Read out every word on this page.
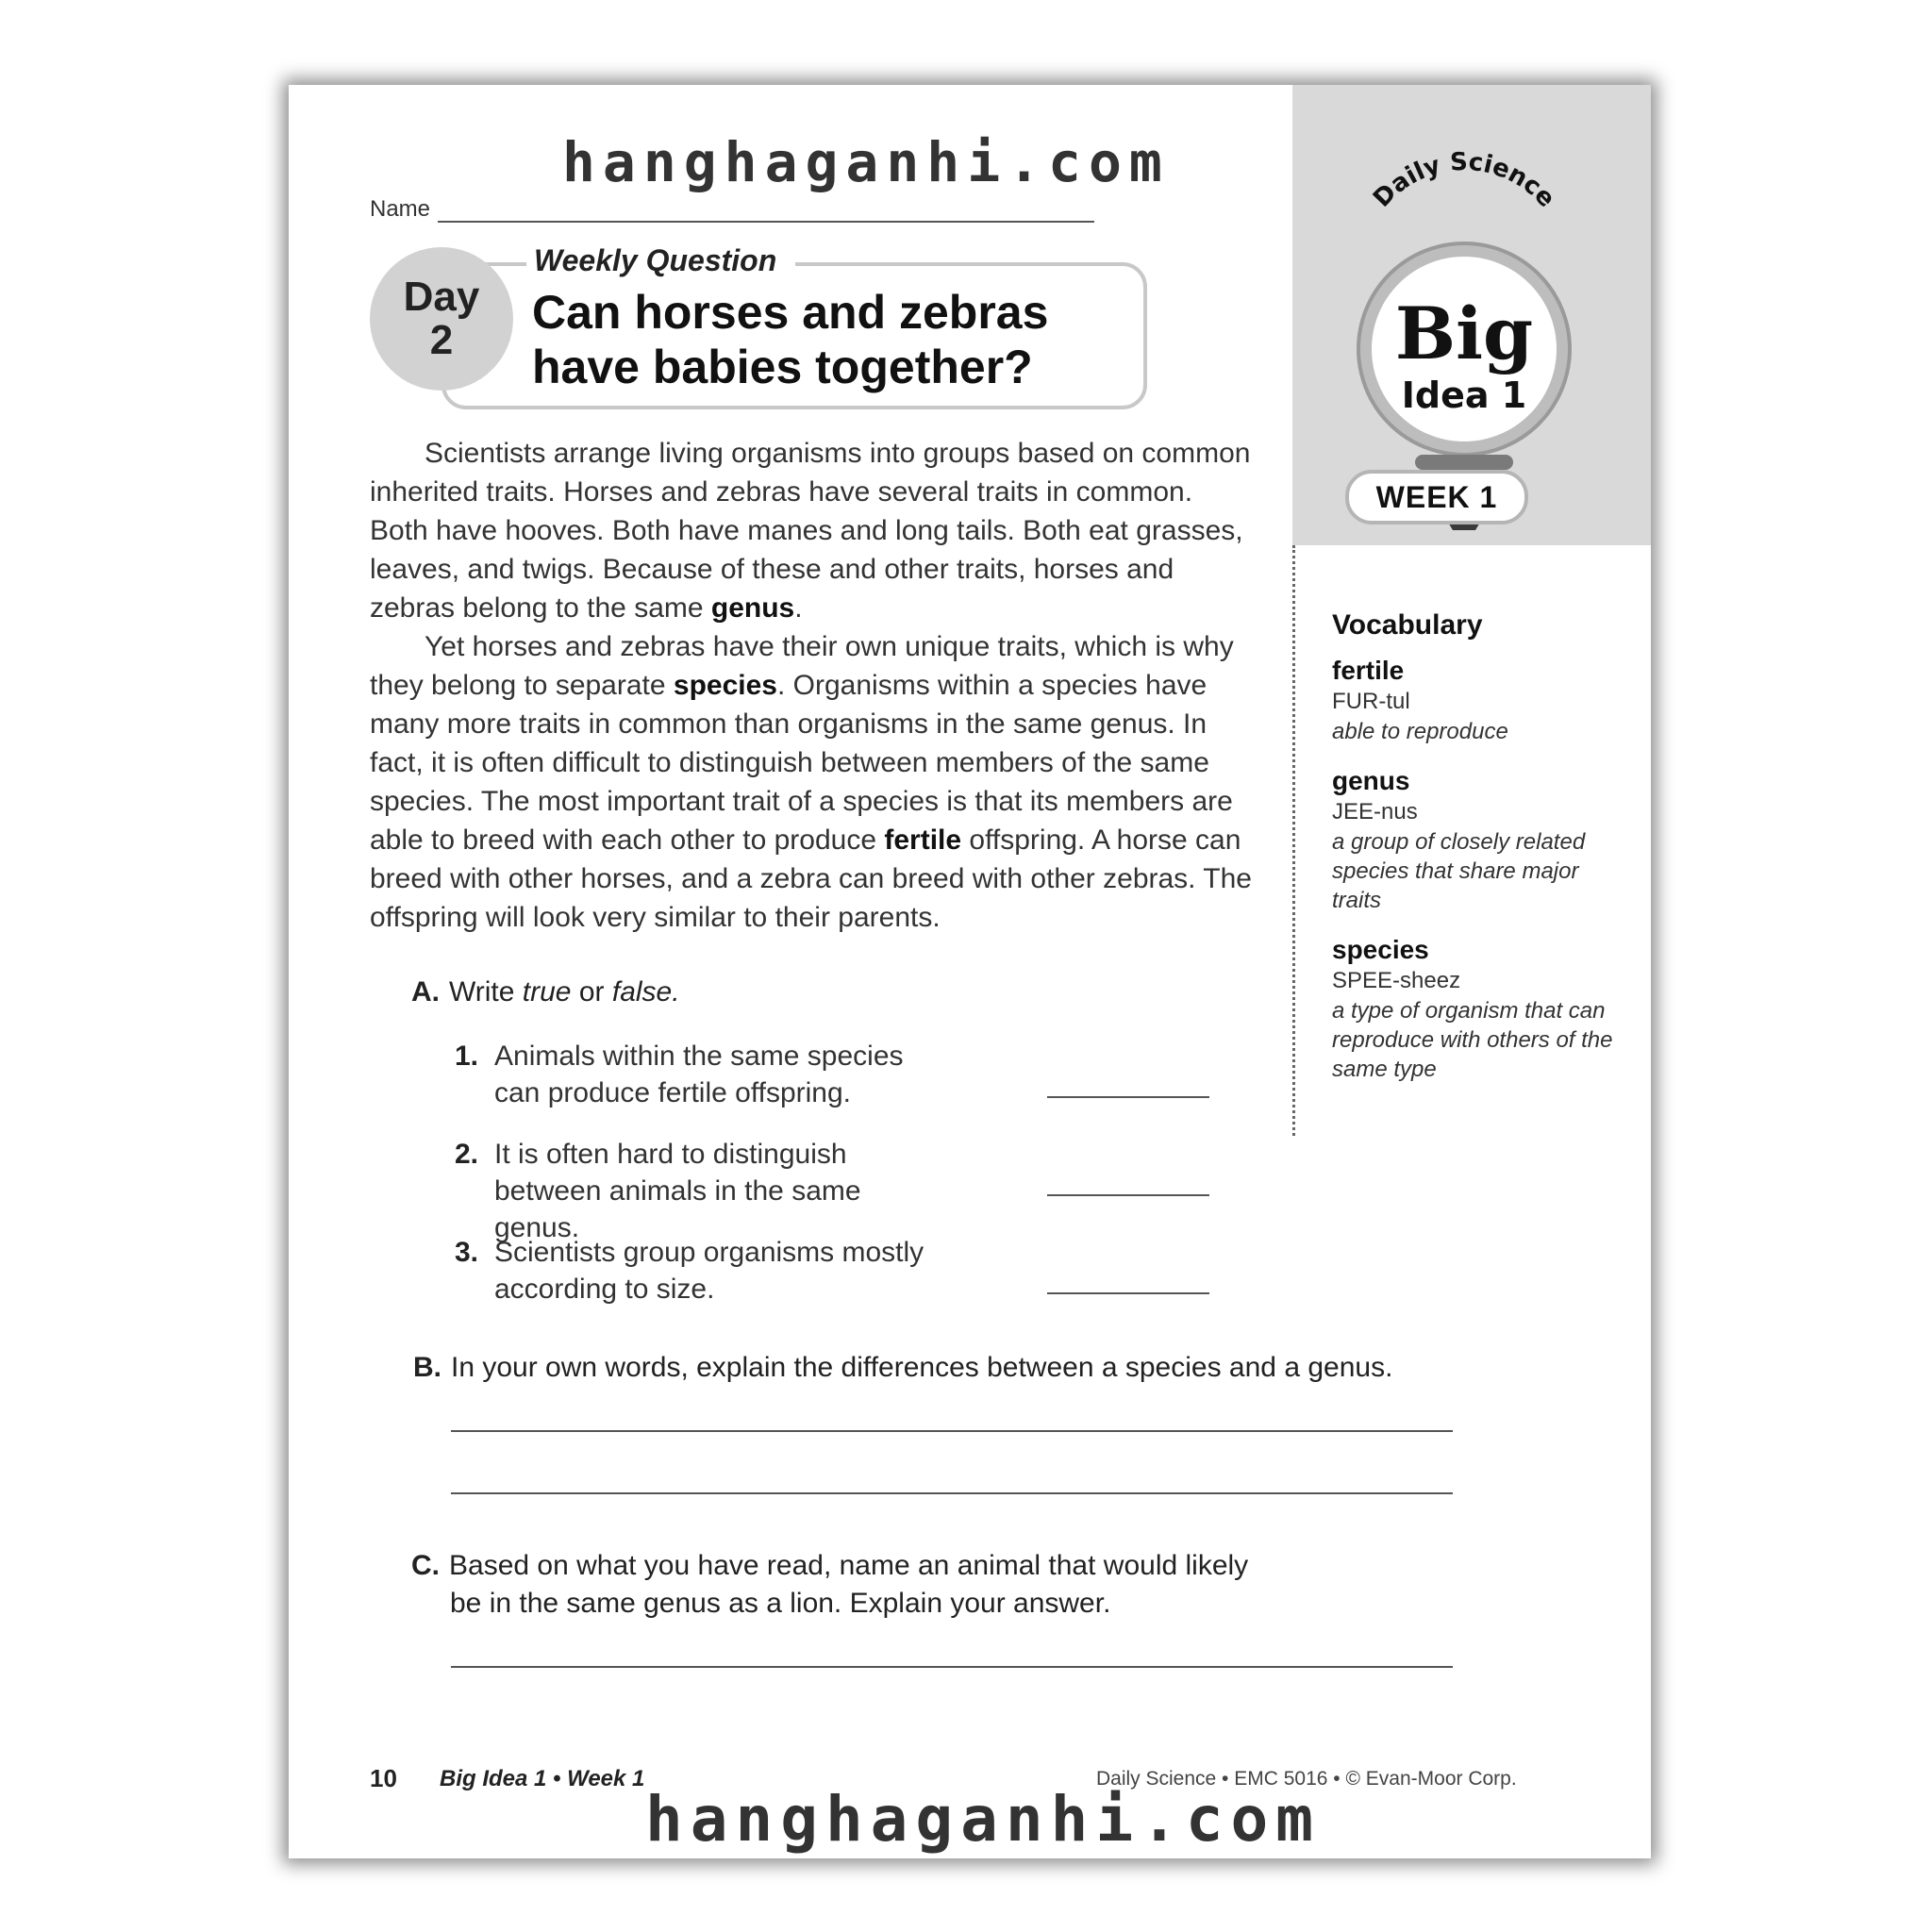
hanghaganhi.com
Name
Weekly Question
Day
2
Can horses and zebras
have babies together?
Daily Science
Big
Idea 1
WEEK 1

Scientists arrange living organisms into groups based on common inherited traits. Horses and zebras have several traits in common. Both have hooves. Both have manes and long tails. Both eat grasses, leaves, and twigs. Because of these and other traits, horses and zebras belong to the same genus.

Yet horses and zebras have their own unique traits, which is why they belong to separate species. Organisms within a species have many more traits in common than organisms in the same genus. In fact, it is often difficult to distinguish between members of the same species. The most important trait of a species is that its members are able to breed with each other to produce fertile offspring. A horse can breed with other horses, and a zebra can breed with other zebras. The offspring will look very similar to their parents.

Vocabulary
fertile
FUR-tul
able to reproduce
genus
JEE-nus
a group of closely related species that share major traits
species
SPEE-sheez
a type of organism that can reproduce with others of the same type
A. Write true or false.
1. Animals within the same species can produce fertile offspring.
2. It is often hard to distinguish between animals in the same genus.
3. Scientists group organisms mostly according to size.
B. In your own words, explain the differences between a species and a genus.
C. Based on what you have read, name an animal that would likely
be in the same genus as a lion. Explain your answer.
10 Big Idea 1 • Week 1	Daily Science • EMC 5016 • © Evan-Moor Corp.
hanghaganhi.com
